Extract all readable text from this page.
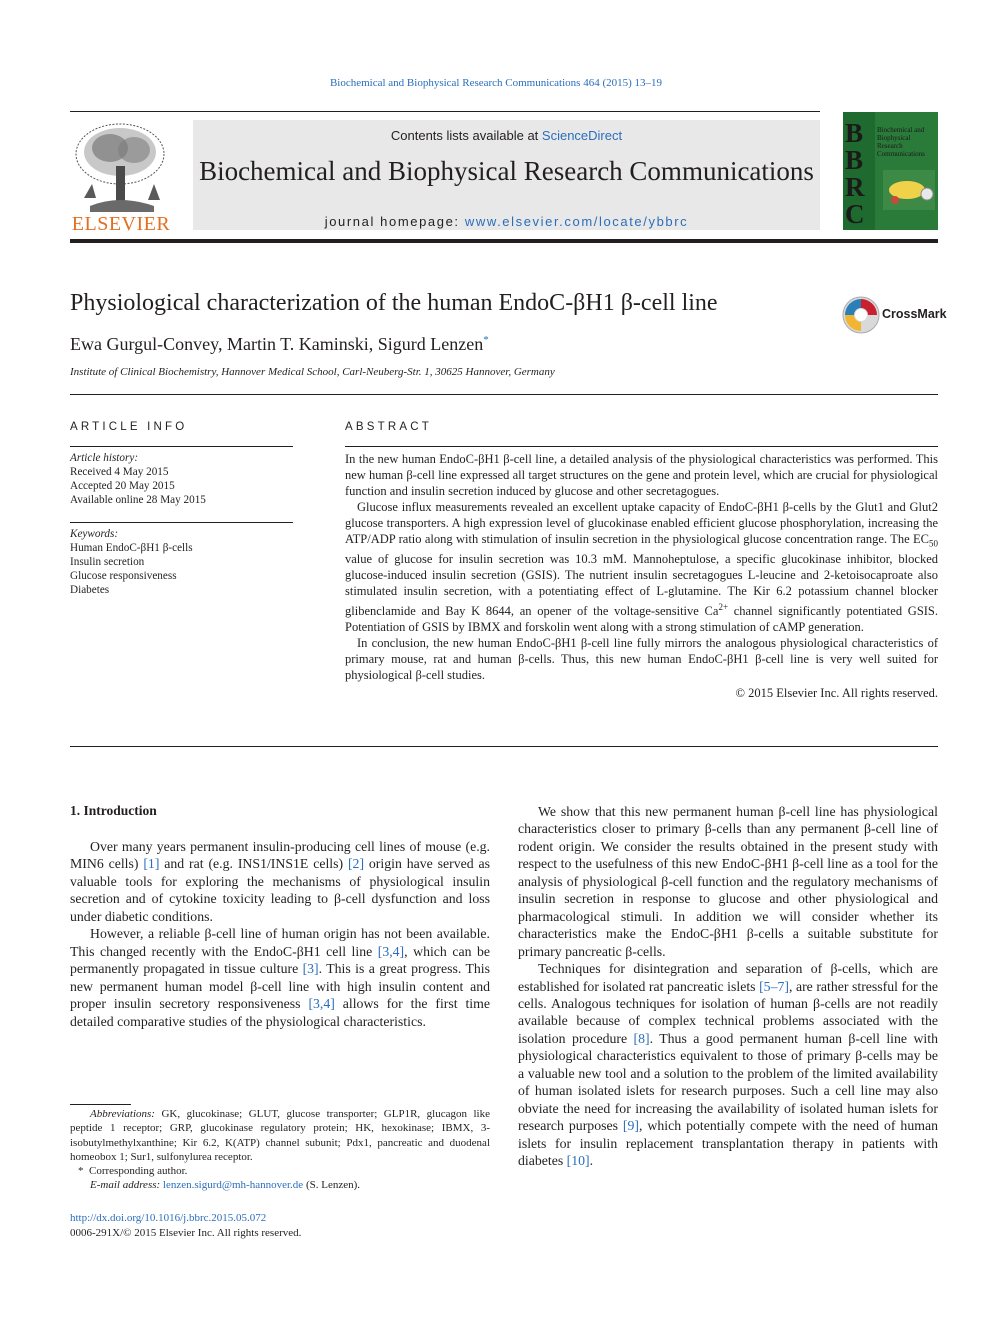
Biochemical and Biophysical Research Communications 464 (2015) 13–19
ELSEVIER
Contents lists available at ScienceDirect
Biochemical and Biophysical Research Communications
journal homepage: www.elsevier.com/locate/ybbrc
B
B
R
C
Biochemical and
Biophysical
Research
Communications
Physiological characterization of the human EndoC-βH1 β-cell line	CrossMark
Ewa Gurgul-Convey, Martin T. Kaminski, Sigurd Lenzen*
Institute of Clinical Biochemistry, Hannover Medical School, Carl-Neuberg-Str. 1, 30625 Hannover, Germany
ARTICLE INFO
Article history:
Received 4 May 2015
Accepted 20 May 2015
Available online 28 May 2015
Keywords:
Human EndoC-βH1 β-cells
Insulin secretion
Glucose responsiveness
Diabetes
ABSTRACT

In the new human EndoC-βH1 β-cell line, a detailed analysis of the physiological characteristics was performed. This new human β-cell line expressed all target structures on the gene and protein level, which are crucial for physiological function and insulin secretion induced by glucose and other secretagogues.

Glucose influx measurements revealed an excellent uptake capacity of EndoC-βH1 β-cells by the Glut1 and Glut2 glucose transporters. A high expression level of glucokinase enabled efficient glucose phosphorylation, increasing the ATP/ADP ratio along with stimulation of insulin secretion in the physiological glucose concentration range. The $EC_{50}$ value of glucose for insulin secretion was 10.3 mM. Mannoheptulose, a specific glucokinase inhibitor, blocked glucose-induced insulin secretion (GSIS). The nutrient insulin secretagogues L-leucine and 2-ketoisocaproate also stimulated insulin secretion, with a potentiating effect of L-glutamine. The Kir 6.2 potassium channel blocker glibenclamide and Bay K 8644, an opener of the voltage-sensitive $Ca^{2+}$ channel significantly potentiated GSIS. Potentiation of GSIS by IBMX and forskolin went along with a strong stimulation of cAMP generation.

In conclusion, the new human EndoC-βH1 β-cell line fully mirrors the analogous physiological characteristics of primary mouse, rat and human β-cells. Thus, this new human EndoC-βH1 β-cell line is very well suited for physiological β-cell studies.

© 2015 Elsevier Inc. All rights reserved.

1. Introduction

Over many years permanent insulin-producing cell lines of mouse (e.g. MIN6 cells) [1] and rat (e.g. INS1/INS1E cells) [2] origin have served as valuable tools for exploring the mechanisms of physiological insulin secretion and of cytokine toxicity leading to β-cell dysfunction and loss under diabetic conditions.

However, a reliable β-cell line of human origin has not been available. This changed recently with the EndoC-βH1 cell line [3,4], which can be permanently propagated in tissue culture [3]. This is a great progress. This new permanent human model β-cell line with high insulin content and proper insulin secretory responsiveness [3,4] allows for the first time detailed comparative studies of the physiological characteristics.

We show that this new permanent human β-cell line has physiological characteristics closer to primary β-cells than any permanent β-cell line of rodent origin. We consider the results obtained in the present study with respect to the usefulness of this new EndoC-βH1 β-cell line as a tool for the analysis of physiological β-cell function and the regulatory mechanisms of insulin secretion in response to glucose and other physiological and pharmacological stimuli. In addition we will consider whether its characteristics make the EndoC-βH1 β-cells a suitable substitute for primary pancreatic β-cells.

Techniques for disintegration and separation of β-cells, which are established for isolated rat pancreatic islets [5–7], are rather stressful for the cells. Analogous techniques for isolation of human β-cells are not readily available because of complex technical problems associated with the isolation procedure [8]. Thus a good permanent human β-cell line with physiological characteristics equivalent to those of primary β-cells may be a valuable new tool and a solution to the problem of the limited availability of human isolated islets for research purposes. Such a cell line may also obviate the need for increasing the availability of isolated human islets for research purposes [9], which potentially compete with the need of human islets for insulin replacement transplantation therapy in patients with diabetes [10].

Abbreviations: GK, glucokinase; GLUT, glucose transporter; GLP1R, glucagon like peptide 1 receptor; GRP, glucokinase regulatory protein; HK, hexokinase; IBMX, 3-isobutylmethylxanthine; Kir 6.2, K(ATP) channel subunit; Pdx1, pancreatic and duodenal homeobox 1; Sur1, sulfonylurea receptor.

* Corresponding author.

E-mail address: lenzen.sigurd@mh-hannover.de (S. Lenzen).

http://dx.doi.org/10.1016/j.bbrc.2015.05.072
0006-291X/© 2015 Elsevier Inc. All rights reserved.
